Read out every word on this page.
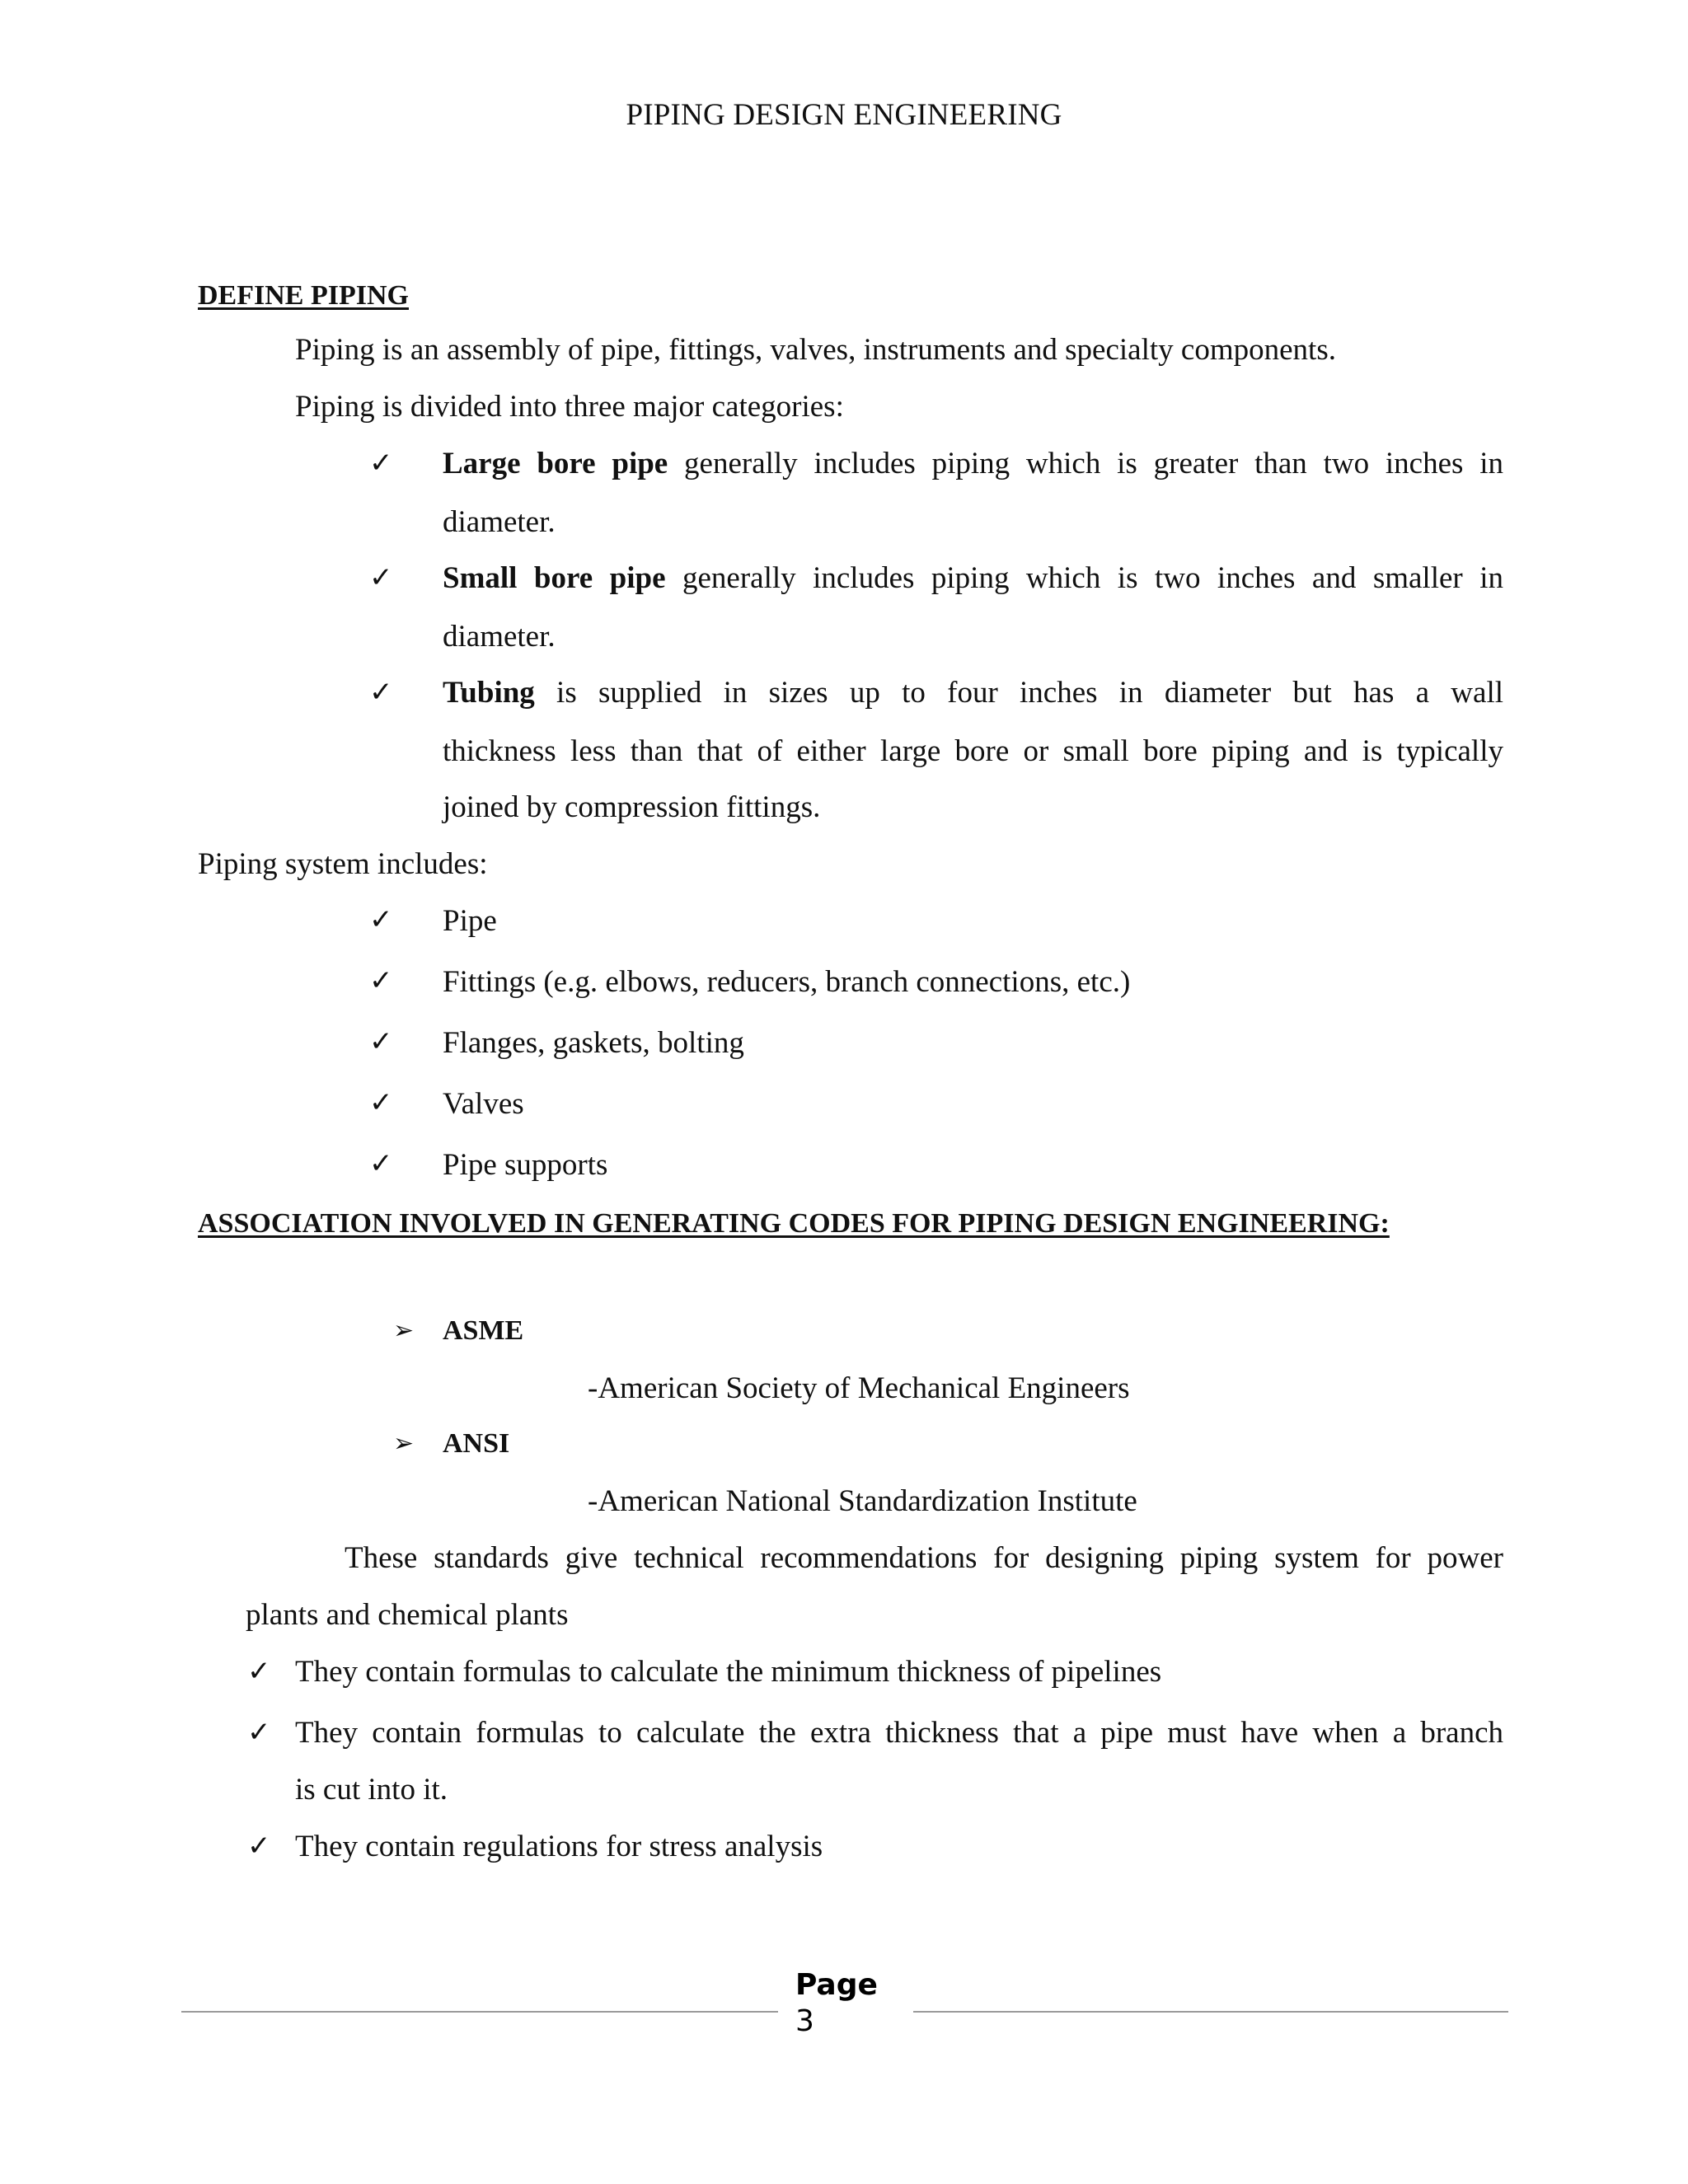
PIPING DESIGN ENGINEERING
DEFINE PIPING
Piping is an assembly of pipe, fittings, valves, instruments and specialty components.
Piping is divided into three major categories:
✓ Large bore pipe generally includes piping which is greater than two inches in
diameter.
✓ Small bore pipe generally includes piping which is two inches and smaller in
diameter.
✓ Tubing is supplied in sizes up to four inches in diameter but has a wall
thickness less than that of either large bore or small bore piping and is typically
joined by compression fittings.
Piping system includes:
✓ Pipe
✓ Fittings (e.g. elbows, reducers, branch connections, etc.)
✓ Flanges, gaskets, bolting
✓ Valves
✓ Pipe supports
ASSOCIATION INVOLVED IN GENERATING CODES FOR PIPING DESIGN ENGINEERING:
➢ ASME
-American Society of Mechanical Engineers
➢ ANSI
-American National Standardization Institute
These standards give technical recommendations for designing piping system for power
plants and chemical plants
✓ They contain formulas to calculate the minimum thickness of pipelines
✓ They contain formulas to calculate the extra thickness that a pipe must have when a branch
is cut into it.
✓ They contain regulations for stress analysis
Page
3
